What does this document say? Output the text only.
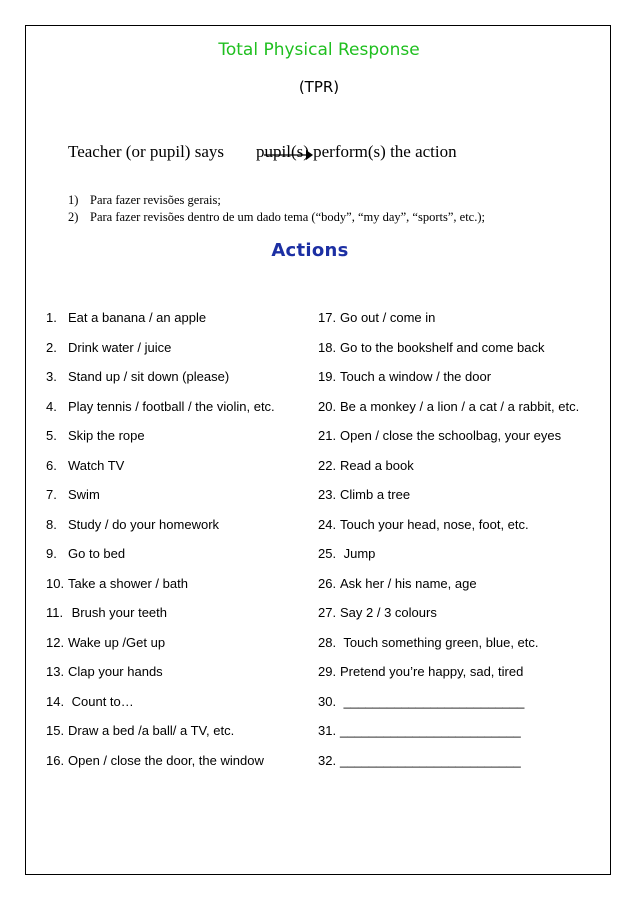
Total Physical Response
(TPR)
Teacher (or pupil) says pupil(s) perform(s) the action
1) Para fazer revisões gerais;
2) Para fazer revisões dentro de um dado tema (“body”, “my day”, “sports”, etc.);
Actions
1. Eat a banana / an apple
2. Drink water / juice
3. Stand up / sit down (please)
4. Play tennis / football / the violin, etc.
5. Skip the rope
6. Watch TV
7. Swim
8. Study / do your homework
9. Go to bed
10. Take a shower / bath
11. Brush your teeth
12. Wake up /Get up
13. Clap your hands
14. Count to…
15. Draw a bed /a ball/ a TV, etc.
16. Open / close the door, the window
17. Go out / come in
18. Go to the bookshelf and come back
19. Touch a window / the door
20. Be a monkey / a lion / a cat / a rabbit, etc.
21. Open / close the schoolbag, your eyes
22. Read a book
23. Climb a tree
24. Touch your head, nose, foot, etc.
25. Jump
26. Ask her / his name, age
27. Say 2 / 3 colours
28. Touch something green, blue, etc.
29. Pretend you’re happy, sad, tired
30. _________________________
31. _________________________
32. _________________________
